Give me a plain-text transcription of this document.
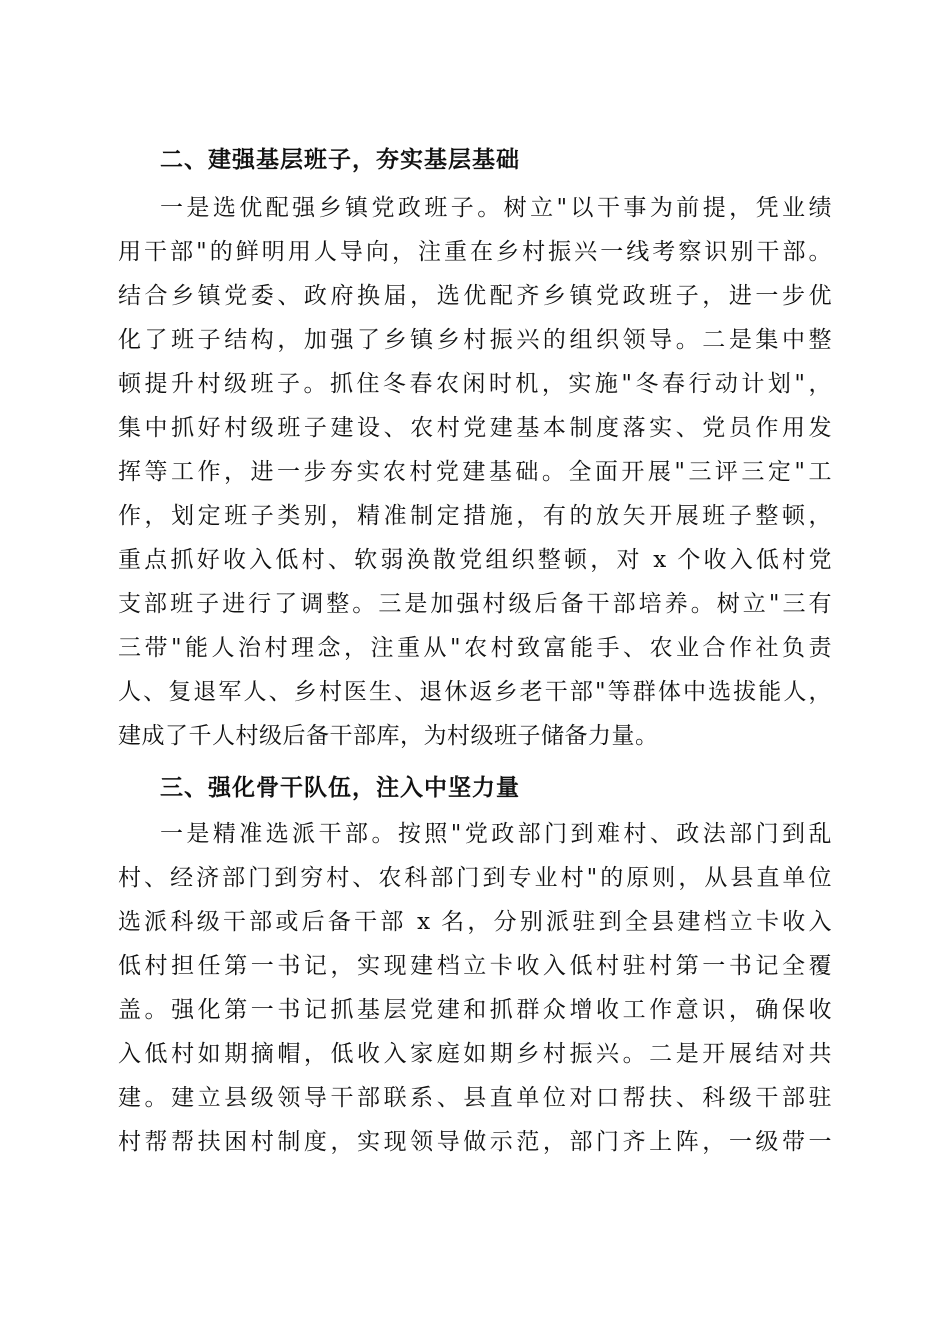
二、建强基层班子，夯实基层基础
一是选优配强乡镇党政班子。树立"以干事为前提，凭业绩
用干部"的鲜明用人导向，注重在乡村振兴一线考察识别干部。
结合乡镇党委、政府换届，选优配齐乡镇党政班子，进一步优
化了班子结构，加强了乡镇乡村振兴的组织领导。二是集中整
顿提升村级班子。抓住冬春农闲时机，实施"冬春行动计划"，
集中抓好村级班子建设、农村党建基本制度落实、党员作用发
挥等工作，进一步夯实农村党建基础。全面开展"三评三定"工
作，划定班子类别，精准制定措施，有的放矢开展班子整顿，
重点抓好收入低村、软弱涣散党组织整顿，对 x 个收入低村党
支部班子进行了调整。三是加强村级后备干部培养。树立"三有
三带"能人治村理念，注重从"农村致富能手、农业合作社负责
人、复退军人、乡村医生、退休返乡老干部"等群体中选拔能人，
建成了千人村级后备干部库，为村级班子储备力量。
三、强化骨干队伍，注入中坚力量
一是精准选派干部。按照"党政部门到难村、政法部门到乱
村、经济部门到穷村、农科部门到专业村"的原则，从县直单位
选派科级干部或后备干部 x 名，分别派驻到全县建档立卡收入
低村担任第一书记，实现建档立卡收入低村驻村第一书记全覆
盖。强化第一书记抓基层党建和抓群众增收工作意识，确保收
入低村如期摘帽，低收入家庭如期乡村振兴。二是开展结对共
建。建立县级领导干部联系、县直单位对口帮扶、科级干部驻
村帮帮扶困村制度，实现领导做示范，部门齐上阵，一级带一
